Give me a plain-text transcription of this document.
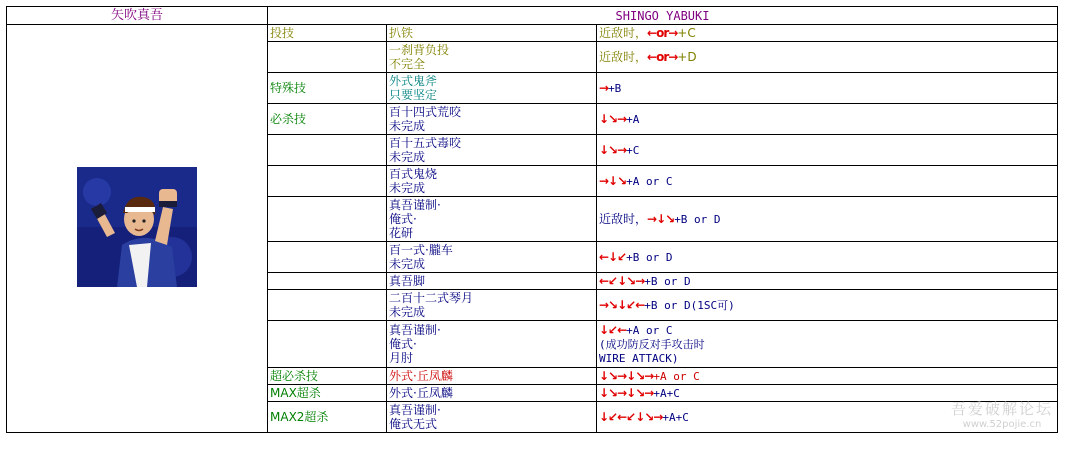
矢吹真吾	SHINGO YABUKI		
	投技	扒铁	近敌时，←or→+C

		一刹背负投
不完全	近敌时，←or→+D

	特殊技	外式鬼斧
只要坚定	→+B

	必杀技	百十四式荒咬
未完成	↓↘→+A

		百十五式毒咬
未完成	↓↘→+C

		百式鬼烧
未完成	→↓↘+A or C

		真吾谨制·
俺式·
花研	近敌时，→↓↘+B or D

		百一式·朧车
未完成	←↓↙+B or D

		真吾脚	←↙↓↘→+B or D

		二百十二式琴月
未完成	→↘↓↙←+B or D(1SC可)

		真吾谨制·
俺式·
月肘	↓↙←+A or C
(成功防反对手攻击时
WIRE ATTACK)

	超必杀技	外式·丘凤麟	↓↘→↓↘→+A or C

	MAX超杀	外式·丘凤麟	↓↘→↓↘→+A+C

	MAX2超杀	真吾谨制·
俺式无式	↓↙←↙↓↘→+A+C	吾爱破解论坛
www.52pojie.cn
